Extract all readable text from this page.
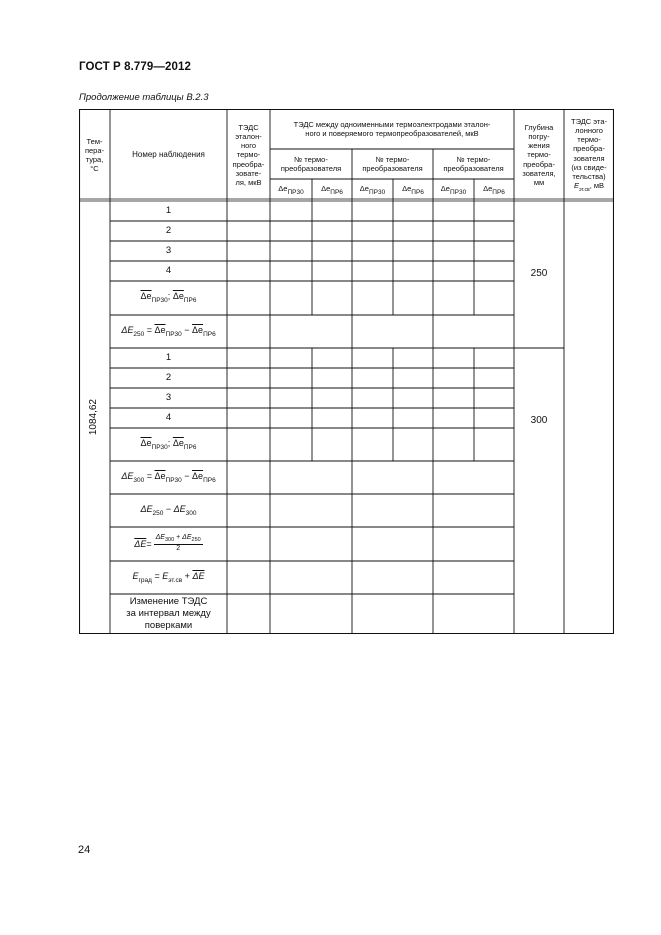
ГОСТ Р 8.779—2012
Продолжение таблицы В.2.3
Тем-
пера-
тура,
°С
Номер наблюдения
ТЭДС
эталон-
ного
термо-
преобра-
зовате-
ля, мкВ
ТЭДС между одноименными термоэлектродами эталон-
ного и поверяемого термопреобразователей, мкВ
№ термо-
преобразователя
№ термо-
преобразователя
№ термо-
преобразователя
$\Delta e_{ПР30}$ $\Delta e_{ПР6}$ $\Delta e_{ПР30}$ $\Delta e_{ПР6}$ $\Delta e_{ПР30}$ $\Delta e_{ПР6}$
Глубина
погру-
жения
термо-
преобра-
зователя,
мм
ТЭДС эта-
лонного
термо-
преобра-
зователя
(из свиде-
тельства)
$E_{эт.св}$, мВ
1084,62
1
2
3
4
$\overline{\Delta e}_{ПР30}$; $\overline{\Delta e}_{ПР6}$
$\Delta E_{250} = \overline{\Delta e}_{ПР30} - \overline{\Delta e}_{ПР6}$
1
2
3
4
$\overline{\Delta e}_{ПР30}$; $\overline{\Delta e}_{ПР6}$
$\Delta E_{300} = \overline{\Delta e}_{ПР30} - \overline{\Delta e}_{ПР6}$
$\Delta E_{250} - \Delta E_{300}$
$\overline{\Delta E} = \frac{\Delta E_{300} + \Delta E_{250}}{2}$
$E_{град} = E_{эт.св} + \overline{\Delta E}$
Изменение ТЭДС
за интервал между
поверками
250
300
24
